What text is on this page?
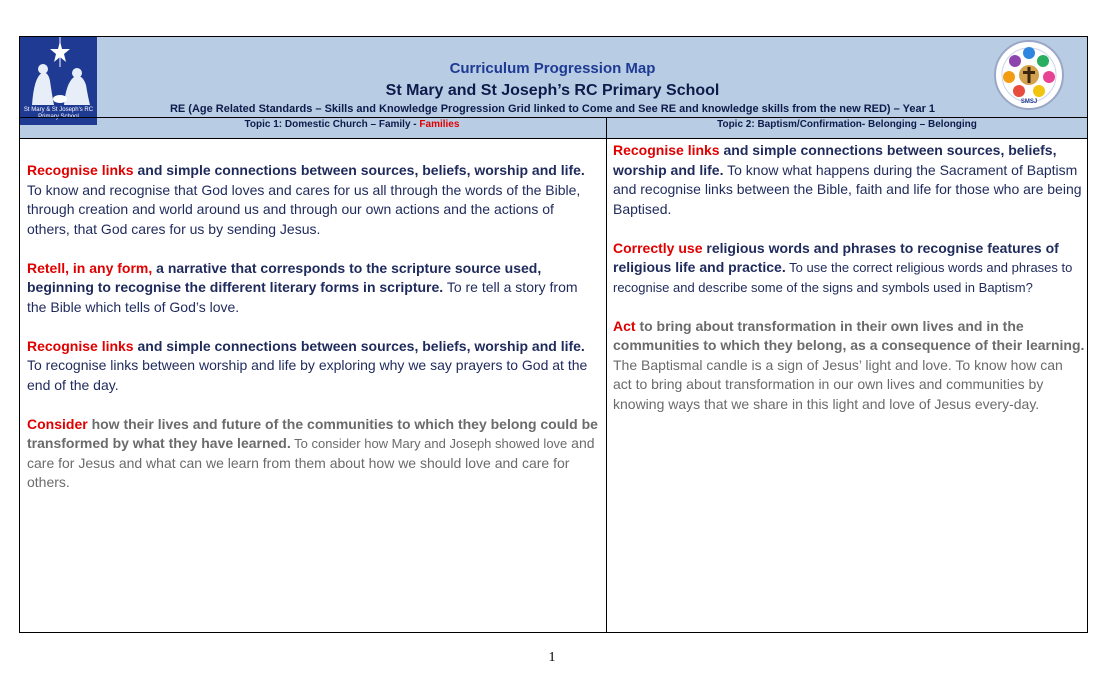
St Mary & St Joseph's RC
Curriculum Progression Map
St Mary and St Joseph’s RC Primary School
RE (Age Related Standards – Skills and Knowledge Progression Grid linked to Come and See RE and knowledge skills from the new RED) – Year 1
SMSJ
Topic 1: Domestic Church – Family - Families	Topic 2: Baptism/Confirmation- Belonging – Belonging

Recognise links and simple connections between sources, beliefs, worship and life. To know and recognise that God loves and cares for us all through the words of the Bible, through creation and world around us and through our own actions and the actions of others, that God cares for us by sending Jesus.

Retell, in any form, a narrative that corresponds to the scripture source used, beginning to recognise the different literary forms in scripture. To re tell a story from the Bible which tells of God’s love.

Recognise links and simple connections between sources, beliefs, worship and life. To recognise links between worship and life by exploring why we say prayers to God at the end of the day.

Consider how their lives and future of the communities to which they belong could be transformed by what they have learned. To consider how Mary and Joseph showed love and care for Jesus and what can we learn from them about how we should love and care for others.

Recognise links and simple connections between sources, beliefs, worship and life. To know what happens during the Sacrament of Baptism and recognise links between the Bible, faith and life for those who are being Baptised.

Correctly use religious words and phrases to recognise features of religious life and practice. To use the correct religious words and phrases to recognise and describe some of the signs and symbols used in Baptism?

Act to bring about transformation in their own lives and in the communities to which they belong, as a consequence of their learning. The Baptismal candle is a sign of Jesus’ light and love. To know how can act to bring about transformation in our own lives and communities by knowing ways that we share in this light and love of Jesus every-day.

1
